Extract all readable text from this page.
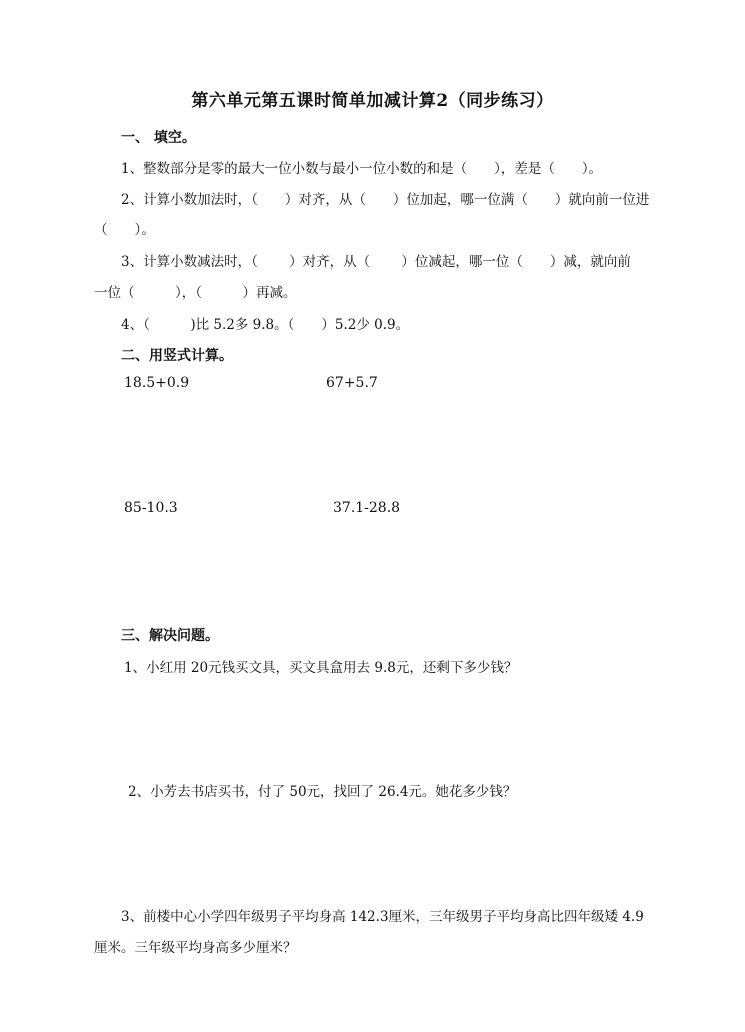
第六单元第五课时简单加减计算2（同步练习）
一、 填空。
1、整数部分是零的最大一位小数与最小一位小数的和是（　　），差是（　　）。
2、计算小数加法时，（　　）对齐，从（　　）位加起，哪一位满（　　）就向前一位进
（　　）。
3、计算小数减法时，（　　 ）对齐，从（　　 ）位减起，哪一位（　　）减，就向前
一位（　　　），（　　　）再减。
4、（　　　)比 5.2多 9.8。（　　）5.2少 0.9。
二、用竖式计算。
18.5+0.9	67+5.7
85-10.3	37.1-28.8
三、解决问题。
1、小红用 20元钱买文具，买文具盒用去 9.8元，还剩下多少钱？
2、小芳去书店买书，付了 50元，找回了 26.4元。她花多少钱？
3、前楼中心小学四年级男子平均身高 142.3厘米，三年级男子平均身高比四年级矮 4.9
厘米。三年级平均身高多少厘米？
